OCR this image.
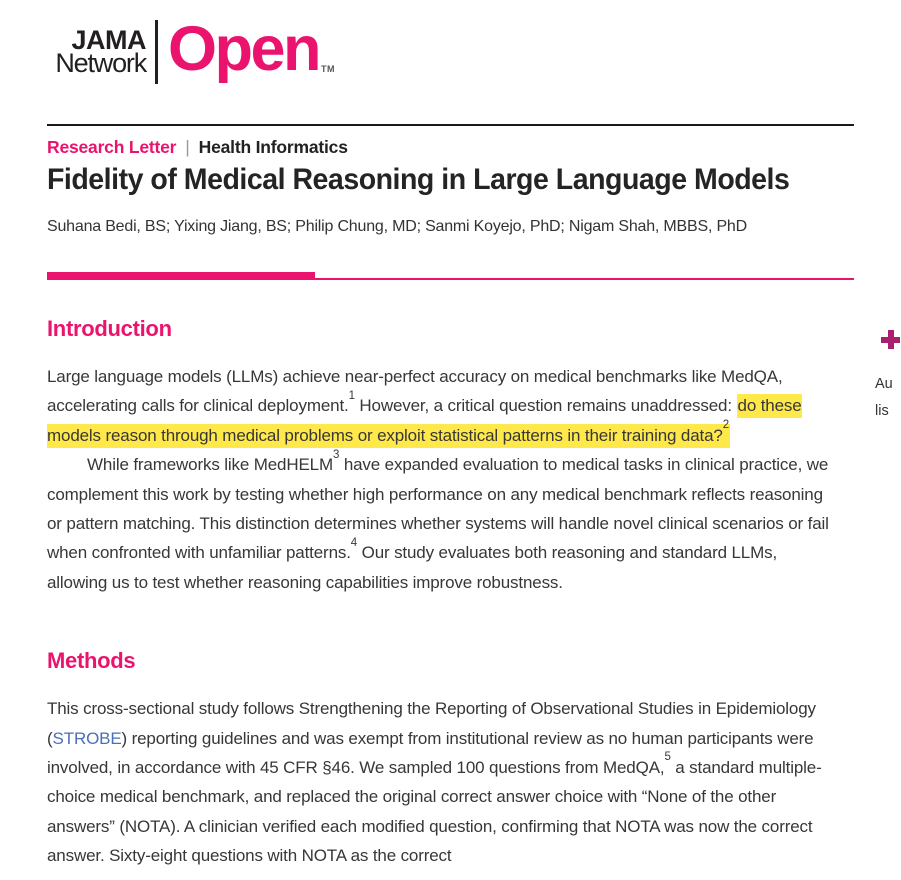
JAMA
Network Open TM
Research Letter | Health Informatics
Fidelity of Medical Reasoning in Large Language Models
Suhana Bedi, BS; Yixing Jiang, BS; Philip Chung, MD; Sanmi Koyejo, PhD; Nigam Shah, MBBS, PhD
Introduction

Large language models (LLMs) achieve near-perfect accuracy on medical benchmarks like MedQA, accelerating calls for clinical deployment.$^1$ However, a critical question remains unaddressed: do these models reason through medical problems or exploit statistical patterns in their training data?$^2$

While frameworks like MedHELM$^3$ have expanded evaluation to medical tasks in clinical practice, we complement this work by testing whether high performance on any medical benchmark reflects reasoning or pattern matching. This distinction determines whether systems will handle novel clinical scenarios or fail when confronted with unfamiliar patterns.$^4$ Our study evaluates both reasoning and standard LLMs, allowing us to test whether reasoning capabilities improve robustness.

Methods

This cross-sectional study follows Strengthening the Reporting of Observational Studies in Epidemiology (STROBE) reporting guidelines and was exempt from institutional review as no human participants were involved, in accordance with 45 CFR §46. We sampled 100 questions from MedQA,$^5$ a standard multiple-choice medical benchmark, and replaced the original correct answer choice with “None of the other answers” (NOTA). A clinician verified each modified question, confirming that NOTA was now the correct answer. Sixty-eight questions with NOTA as the correct

Au
lis
